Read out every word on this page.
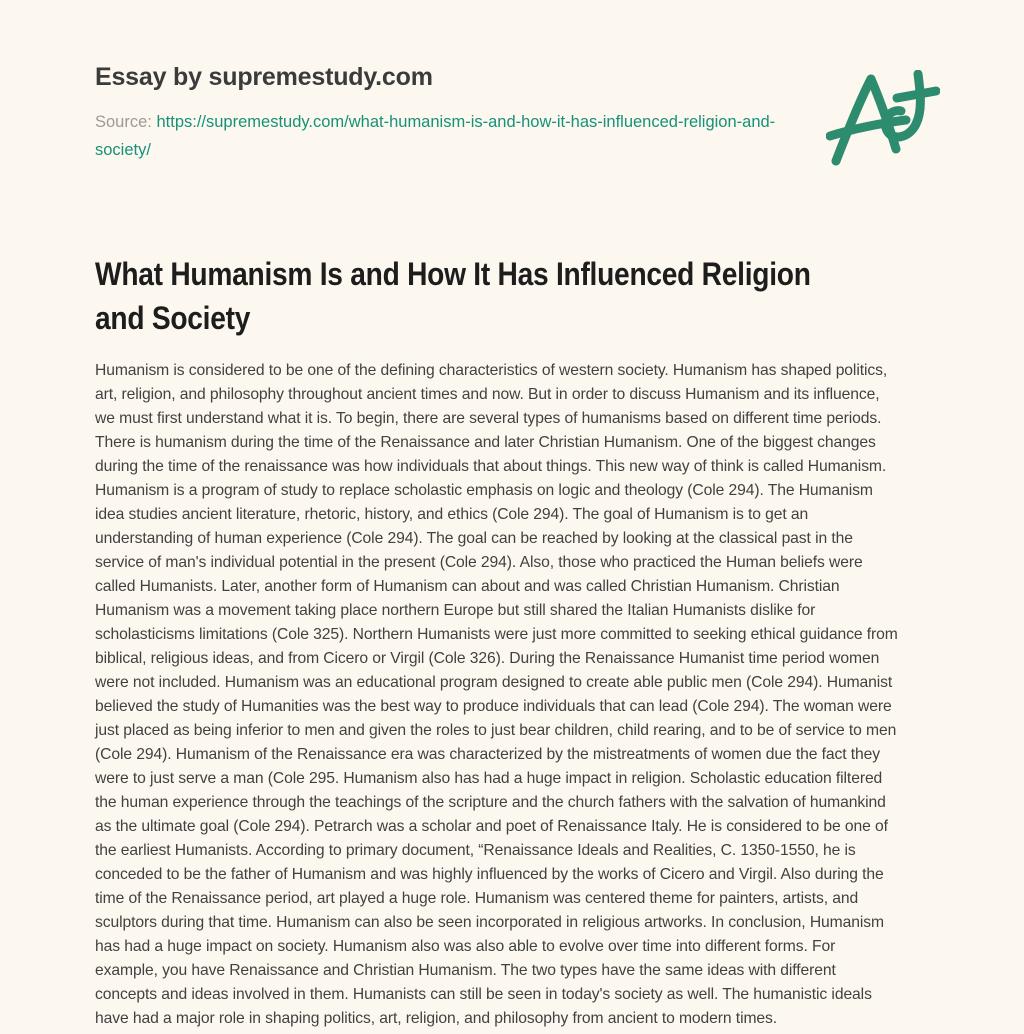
Essay by supremestudy.com

Source: https://supremestudy.com/what-humanism-is-and-how-it-has-influenced-religion-and-society/

What Humanism Is and How It Has Influenced Religion
and Society
Humanism is considered to be one of the defining characteristics of western society. Humanism has shaped politics,
art, religion, and philosophy throughout ancient times and now. But in order to discuss Humanism and its influence,
we must first understand what it is. To begin, there are several types of humanisms based on different time periods.
There is humanism during the time of the Renaissance and later Christian Humanism. One of the biggest changes
during the time of the renaissance was how individuals that about things. This new way of think is called Humanism.
Humanism is a program of study to replace scholastic emphasis on logic and theology (Cole 294). The Humanism
idea studies ancient literature, rhetoric, history, and ethics (Cole 294). The goal of Humanism is to get an
understanding of human experience (Cole 294). The goal can be reached by looking at the classical past in the
service of man's individual potential in the present (Cole 294). Also, those who practiced the Human beliefs were
called Humanists. Later, another form of Humanism can about and was called Christian Humanism. Christian
Humanism was a movement taking place northern Europe but still shared the Italian Humanists dislike for
scholasticisms limitations (Cole 325). Northern Humanists were just more committed to seeking ethical guidance from
biblical, religious ideas, and from Cicero or Virgil (Cole 326). During the Renaissance Humanist time period women
were not included. Humanism was an educational program designed to create able public men (Cole 294). Humanist
believed the study of Humanities was the best way to produce individuals that can lead (Cole 294). The woman were
just placed as being inferior to men and given the roles to just bear children, child rearing, and to be of service to men
(Cole 294). Humanism of the Renaissance era was characterized by the mistreatments of women due the fact they
were to just serve a man (Cole 295. Humanism also has had a huge impact in religion. Scholastic education filtered
the human experience through the teachings of the scripture and the church fathers with the salvation of humankind
as the ultimate goal (Cole 294). Petrarch was a scholar and poet of Renaissance Italy. He is considered to be one of
the earliest Humanists. According to primary document, “Renaissance Ideals and Realities, C. 1350-1550, he is
conceded to be the father of Humanism and was highly influenced by the works of Cicero and Virgil. Also during the
time of the Renaissance period, art played a huge role. Humanism was centered theme for painters, artists, and
sculptors during that time. Humanism can also be seen incorporated in religious artworks. In conclusion, Humanism
has had a huge impact on society. Humanism also was also able to evolve over time into different forms. For
example, you have Renaissance and Christian Humanism. The two types have the same ideas with different
concepts and ideas involved in them. Humanists can still be seen in today's society as well. The humanistic ideals
have had a major role in shaping politics, art, religion, and philosophy from ancient to modern times.
